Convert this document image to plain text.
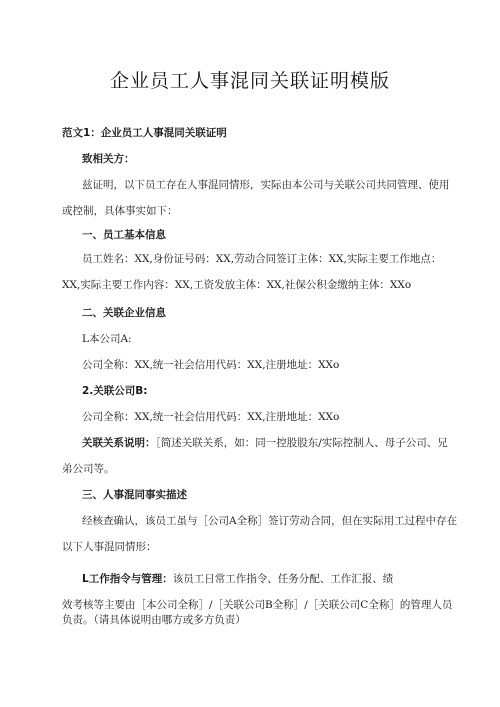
企业员工人事混同关联证明模版
范文1：企业员工人事混同关联证明
致相关方：
兹证明，以下员工存在人事混同情形，实际由本公司与关联公司共同管理、使用或控制，具体事实如下：
一、员工基本信息
员工姓名：XX,身份证号码：XX,劳动合同签订主体：XX,实际主要工作地点：XX,实际主要工作内容：XX,工资发放主体：XX,社保公积金缴纳主体：XXo
二、关联企业信息
L本公司A:
公司全称：XX,统一社会信用代码：XX,注册地址：XXo
2.关联公司B:
公司全称：XX,统一社会信用代码：XX,注册地址：XXo
关联关系说明：［简述关联关系，如：同一控股股东/实际控制人、母子公司、兄弟公司等。
三、人事混同事实描述
经核查确认，该员工虽与［公司A全称］签订劳动合同，但在实际用工过程中存在以下人事混同情形：
L工作指令与管理：该员工日常工作指令、任务分配、工作汇报、绩
效考核等主要由［本公司全称］/［关联公司B全称］/［关联公司C全称］的管理人员负责。（请具体说明由哪方或多方负责）
